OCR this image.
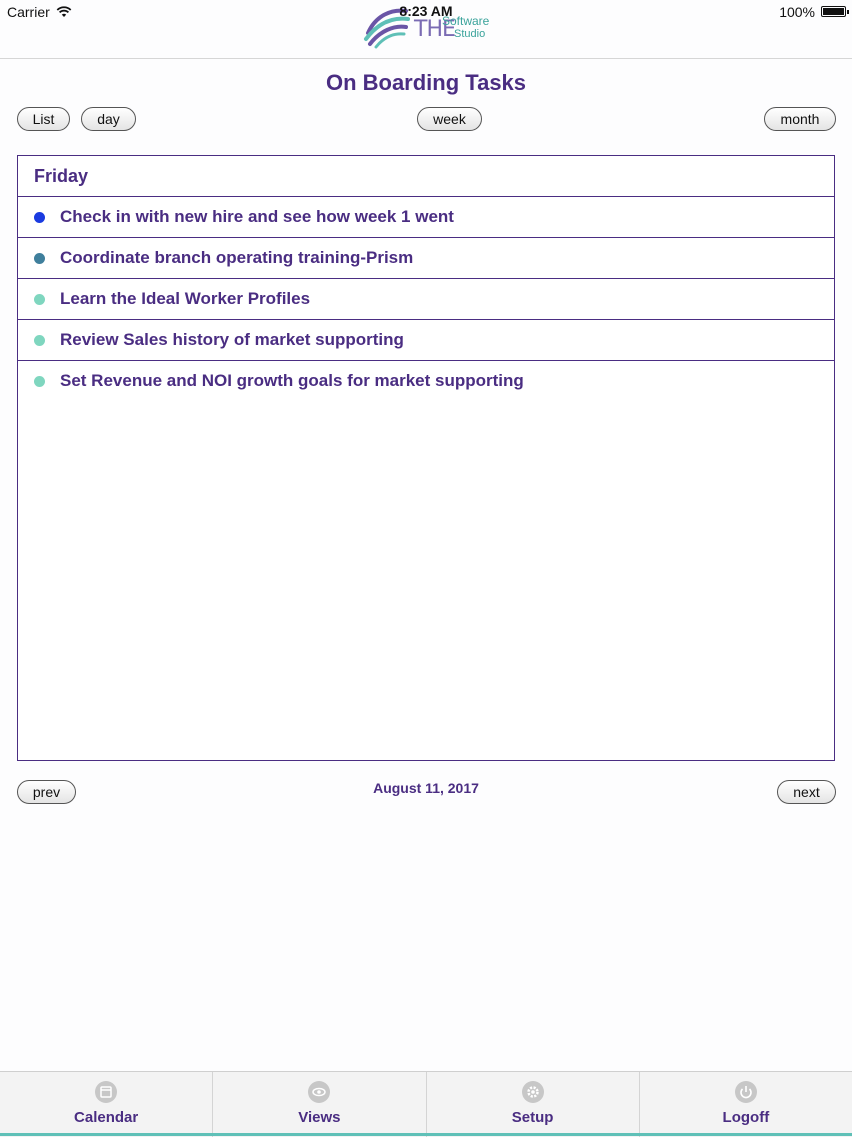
Carrier	8:23 AM	100%
THE
Software
Studio
On Boarding Tasks
List	day	week	month
Friday
Check in with new hire and see how week 1 went
Coordinate branch operating training-Prism
Learn the Ideal Worker Profiles
Review Sales history of market supporting
Set Revenue and NOI growth goals for market supporting
prev	August 11, 2017	next
Calendar	Views	Setup	Logoff
